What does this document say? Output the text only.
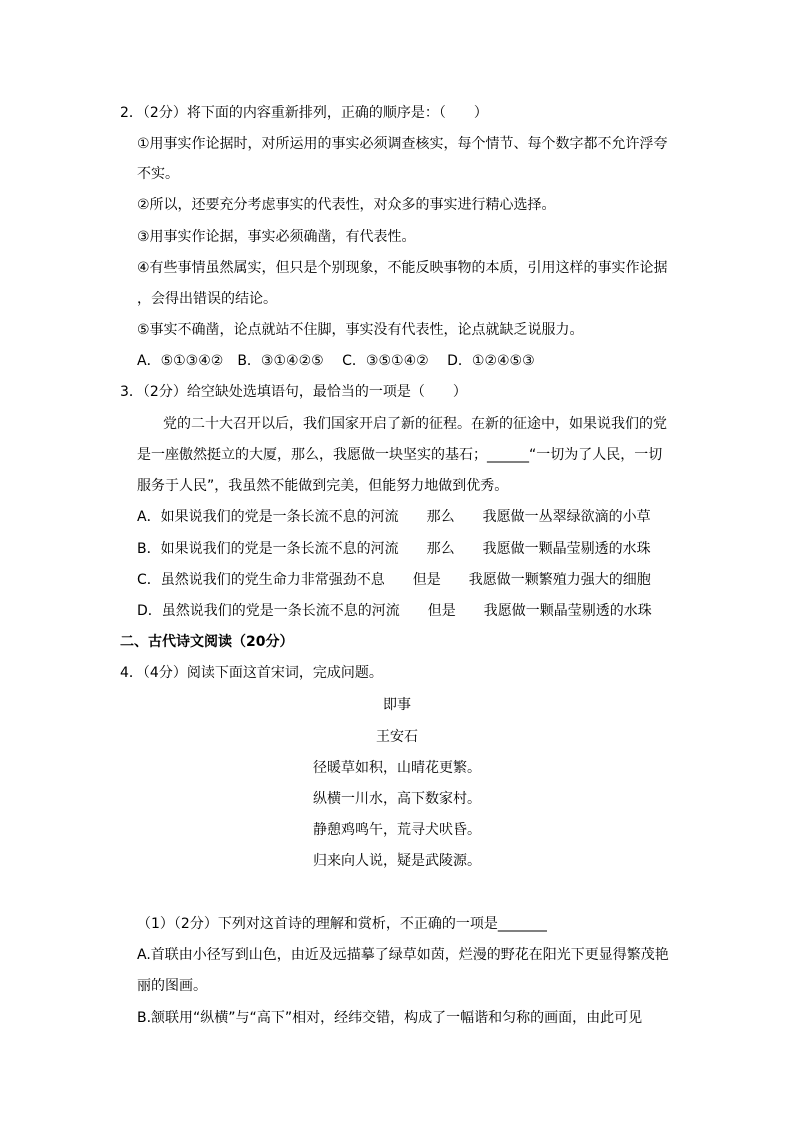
2．（2分）将下面的内容重新排列，正确的顺序是：（　　）
①用事实作论据时，对所运用的事实必须调查核实，每个情节、每个数字都不允许浮夸
不实。
②所以，还要充分考虑事实的代表性，对众多的事实进行精心选择。
③用事实作论据，事实必须确凿，有代表性。
④有些事情虽然属实，但只是个别现象，不能反映事物的本质，引用这样的事实作论据
，会得出错误的结论。
⑤事实不确凿，论点就站不住脚，事实没有代表性，论点就缺乏说服力。
A．⑤①③④②　B．③①④②⑤　 C．③⑤①④②　 D．①②④⑤③
3．（2分）给空缺处选填语句，最恰当的一项是（　　）
党的二十大召开以后，我们国家开启了新的征程。在新的征途中，如果说我们的党
是一座傲然挺立的大厦，那么，我愿做一块坚实的基石；______“一切为了人民，一切
服务于人民”，我虽然不能做到完美，但能努力地做到优秀。
A．如果说我们的党是一条长流不息的河流　　那么　　我愿做一丛翠绿欲滴的小草
B．如果说我们的党是一条长流不息的河流　　那么　　我愿做一颗晶莹剔透的水珠
C．虽然说我们的党生命力非常强劲不息　　但是　　我愿做一颗繁殖力强大的细胞
D．虽然说我们的党是一条长流不息的河流　　但是　　我愿做一颗晶莹剔透的水珠
二、古代诗文阅读（20分）
4．（4分）阅读下面这首宋词，完成问题。
即事
王安石
径暖草如积，山晴花更繁。
纵横一川水，高下数家村。
静憩鸡鸣午，荒寻犬吠昏。
归来向人说，疑是武陵源。
（1）（2分）下列对这首诗的理解和赏析，不正确的一项是_______
A.首联由小径写到山色，由近及远描摹了绿草如茵，烂漫的野花在阳光下更显得繁茂艳
丽的图画。
B.颔联用“纵横”与“高下”相对，经纬交错，构成了一幅谐和匀称的画面，由此可见
